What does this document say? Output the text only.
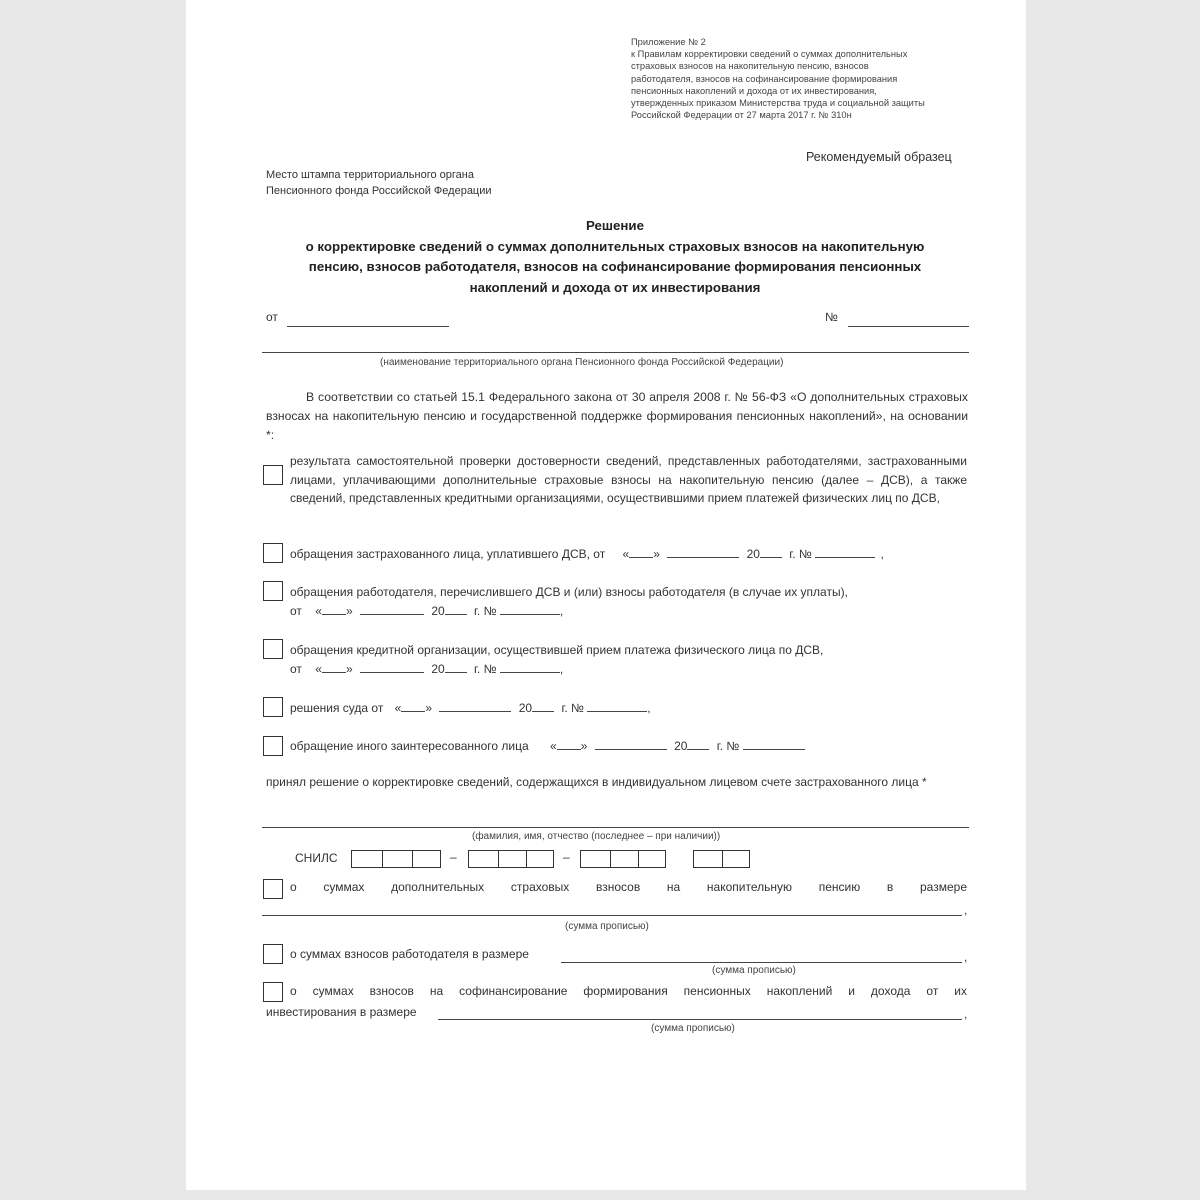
Приложение № 2
к Правилам корректировки сведений о суммах дополнительных
страховых взносов на накопительную пенсию, взносов
работодателя, взносов на софинансирование формирования
пенсионных накоплений и дохода от их инвестирования,
утвержденных приказом Министерства труда и социальной защиты
Российской Федерации от 27 марта 2017 г. № 310н
Рекомендуемый образец
Место штампа территориального органа
Пенсионного фонда Российской Федерации
Решение
о корректировке сведений о суммах дополнительных страховых взносов на накопительную
пенсию, взносов работодателя, взносов на софинансирование формирования пенсионных
накоплений и дохода от их инвестирования
от	№
(наименование территориального органа Пенсионного фонда Российской Федерации)
В соответствии со статьей 15.1 Федерального закона от 30 апреля 2008 г. № 56-ФЗ «О дополнительных страховых взносах на накопительную пенсию и государственной поддержке формирования пенсионных накоплений», на основании *:
результата самостоятельной проверки достоверности сведений, представленных работодателями, застрахованными лицами, уплачивающими дополнительные страховые взносы на накопительную пенсию (далее – ДСВ), а также сведений, представленных кредитными организациями, осуществившими прием платежей физических лиц по ДСВ,
обращения застрахованного лица, уплатившего ДСВ, от « »	20 г. №	,
обращения работодателя, перечислившего ДСВ и (или) взносы работодателя (в случае их уплаты),
от « »	20 г. №	,
обращения кредитной организации, осуществившей прием платежа физического лица по ДСВ,
от « »	20 г. №	,
решения суда от « »	20 г. №	,
обращение иного заинтересованного лица « »	20 г. №
принял решение о корректировке сведений, содержащихся в индивидуальном лицевом счете застрахованного лица *
(фамилия, имя, отчество (последнее – при наличии))
СНИЛС	–	–
о суммах дополнительных страховых взносов на накопительную пенсию в размере
,
(сумма прописью)
о суммах взносов работодателя в размере	,
(сумма прописью)
о суммах взносов на софинансирование формирования пенсионных накоплений и дохода от их
инвестирования в размере	,
(сумма прописью)
